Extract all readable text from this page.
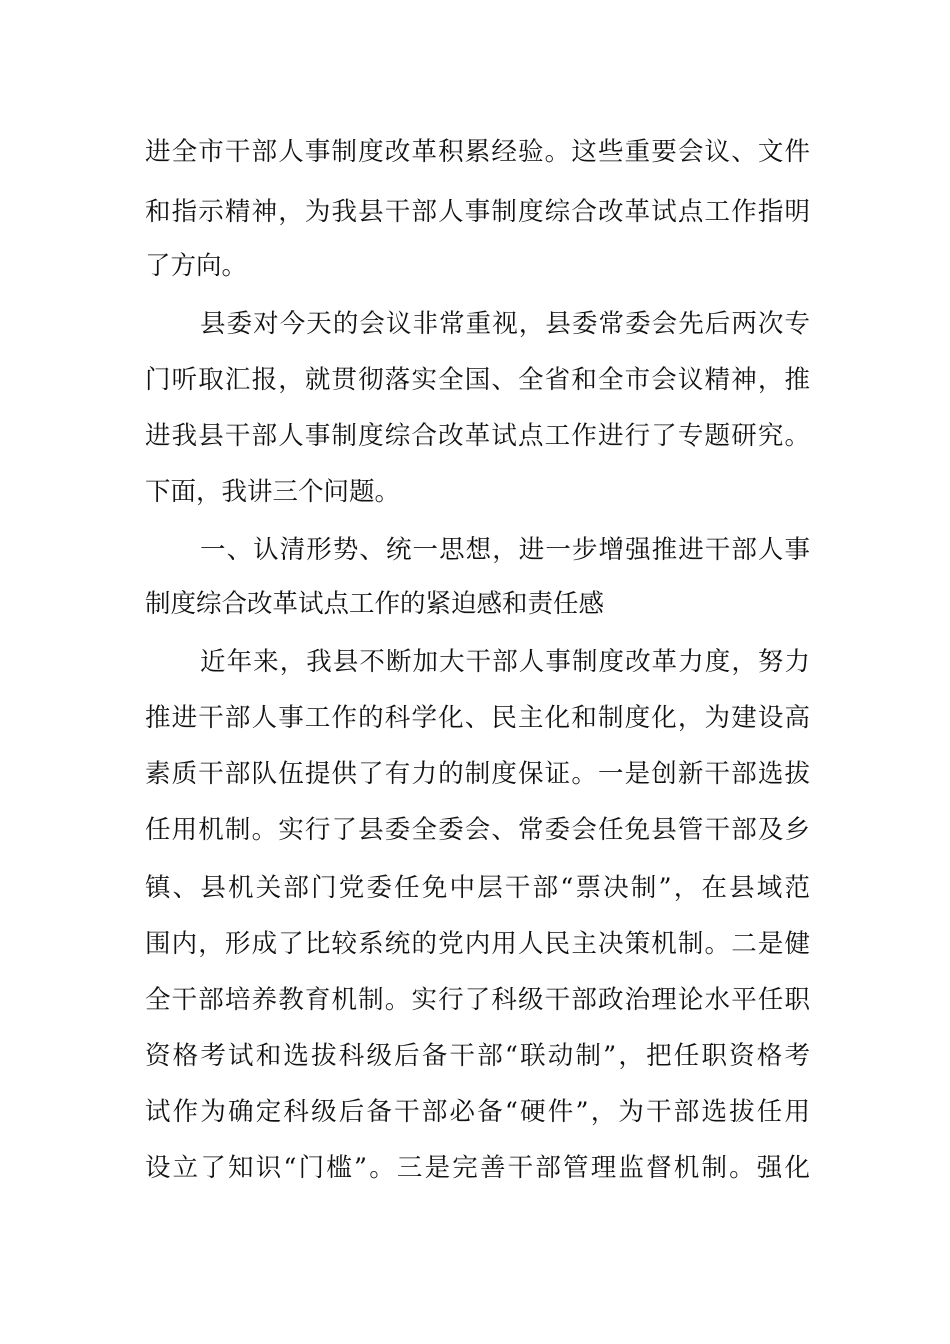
进全市干部人事制度改革积累经验。这些重要会议、文件
和指示精神，为我县干部人事制度综合改革试点工作指明
了方向。
县委对今天的会议非常重视，县委常委会先后两次专
门听取汇报，就贯彻落实全国、全省和全市会议精神，推
进我县干部人事制度综合改革试点工作进行了专题研究。
下面，我讲三个问题。
一、认清形势、统一思想，进一步增强推进干部人事
制度综合改革试点工作的紧迫感和责任感
近年来，我县不断加大干部人事制度改革力度，努力
推进干部人事工作的科学化、民主化和制度化，为建设高
素质干部队伍提供了有力的制度保证。一是创新干部选拔
任用机制。实行了县委全委会、常委会任免县管干部及乡
镇、县机关部门党委任免中层干部“票决制”，在县域范
围内，形成了比较系统的党内用人民主决策机制。二是健
全干部培养教育机制。实行了科级干部政治理论水平任职
资格考试和选拔科级后备干部“联动制”，把任职资格考
试作为确定科级后备干部必备“硬件”，为干部选拔任用
设立了知识“门槛”。三是完善干部管理监督机制。强化
